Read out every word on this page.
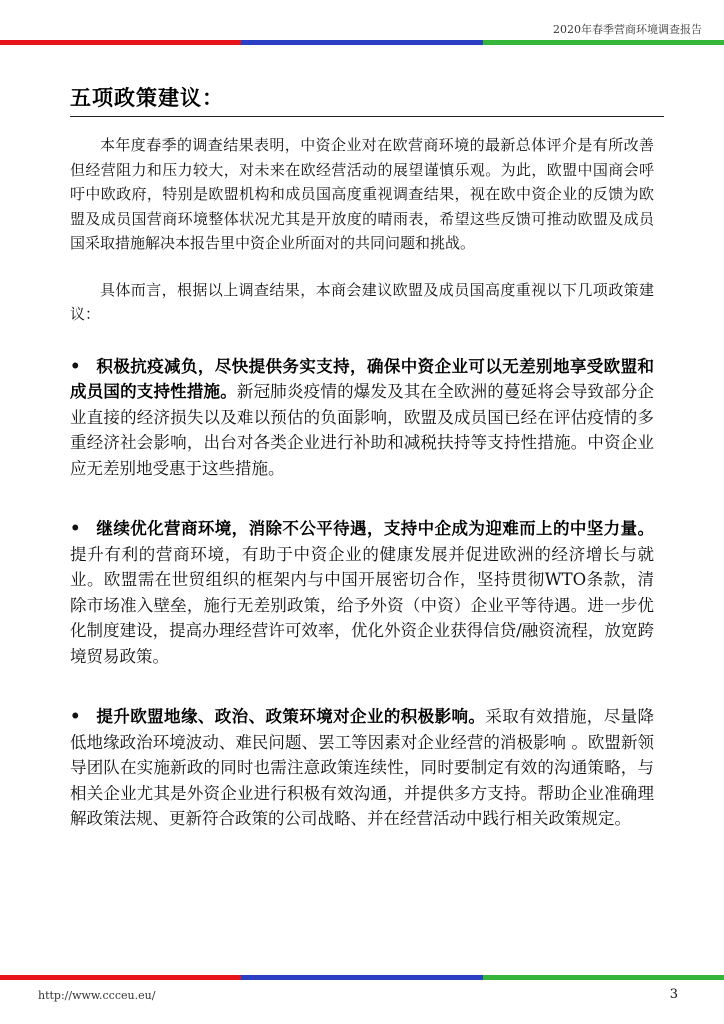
2020年春季营商环境调查报告
五项政策建议：

本年度春季的调查结果表明，中资企业对在欧营商环境的最新总体评介是有所改善但经营阻力和压力较大，对未来在欧经营活动的展望谨慎乐观。为此，欧盟中国商会呼吁中欧政府，特别是欧盟机构和成员国高度重视调查结果，视在欧中资企业的反馈为欧盟及成员国营商环境整体状况尤其是开放度的晴雨表，希望这些反馈可推动欧盟及成员国采取措施解决本报告里中资企业所面对的共同问题和挑战。

具体而言，根据以上调查结果，本商会建议欧盟及成员国高度重视以下几项政策建议：

• 积极抗疫减负，尽快提供务实支持，确保中资企业可以无差别地享受欧盟和成员国的支持性措施。新冠肺炎疫情的爆发及其在全欧洲的蔓延将会导致部分企业直接的经济损失以及难以预估的负面影响，欧盟及成员国已经在评估疫情的多重经济社会影响，出台对各类企业进行补助和减税扶持等支持性措施。中资企业应无差别地受惠于这些措施。

• 继续优化营商环境，消除不公平待遇，支持中企成为迎难而上的中坚力量。提升有利的营商环境，有助于中资企业的健康发展并促进欧洲的经济增长与就业。欧盟需在世贸组织的框架内与中国开展密切合作，坚持贯彻WTO条款，清除市场准入壁垒，施行无差别政策，给予外资（中资）企业平等待遇。进一步优化制度建设，提高办理经营许可效率，优化外资企业获得信贷/融资流程，放宽跨境贸易政策。

• 提升欧盟地缘、政治、政策环境对企业的积极影响。采取有效措施，尽量降低地缘政治环境波动、难民问题、罢工等因素对企业经营的消极影响 。欧盟新领导团队在实施新政的同时也需注意政策连续性，同时要制定有效的沟通策略，与相关企业尤其是外资企业进行积极有效沟通，并提供多方支持。帮助企业准确理解政策法规、更新符合政策的公司战略、并在经营活动中践行相关政策规定。

http://www.ccceu.eu/	3
